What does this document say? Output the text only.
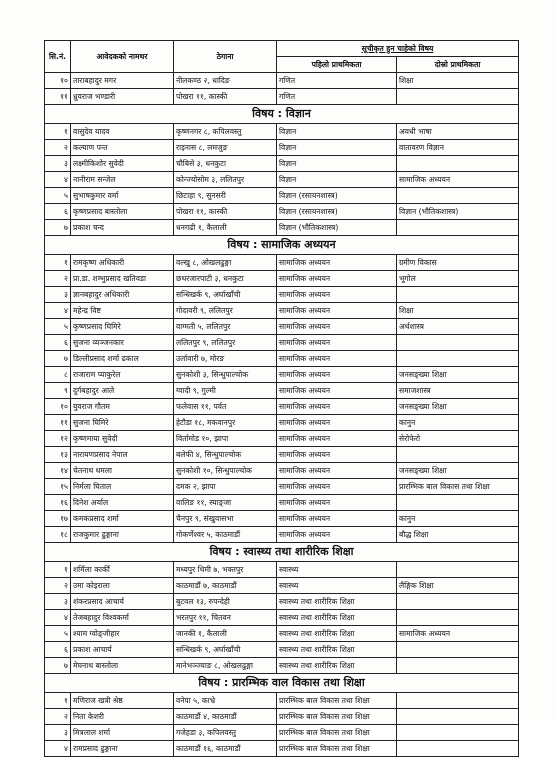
सि.नं.	आवेदकको नामथर	ठेगाना	सूचीकृत हुन चाहेको विषय	
			पहिलो प्राथमिकता	दोस्रो प्राथमिकता
१०	ताराबहादुर मगर	नीलकण्ठ २, धादिङ	गणित	शिक्षा
११	ध्रुवराज भण्डारी	पोखरा ११, कास्की	गणित	
विषय : विज्ञान				
१	वासुदेव यादव	कृष्णनगर ८, कपिलवस्तु	विज्ञान	अवधी भाषा
२	कल्याण पन्त	राइनास ८, लमजुङ	विज्ञान	वातावरण विज्ञान
३	लक्ष्मीकिशोर सुवेदी	चौबिसे ३, धनकुटा	विज्ञान	
४	नानीराम सन्जेल	कोन्ज्योसोम ३, ललितपुर	विज्ञान	सामाजिक अध्ययन
५	सुभाषकुमार वर्मा	छिटाहा ९, सुनसरी	विज्ञान (रसायनशास्त्र)	
६	कृष्णप्रसाद बास्तोला	पोखरा ११, कास्की	विज्ञान (रसायनशास्त्र)	विज्ञान (भौतिकशास्त्र)
७	प्रकाश चन्द	धनगढी १, कैलाली	विज्ञान (भौतिकशास्त्र)	
विषय : सामाजिक अध्ययन				
१	रामकृष्ण अधिकारी	वल्खु ८, ओखलढुङ्गा	सामाजिक अध्ययन	ग्रमीण विकास
२	प्रा.डा. शम्भुप्रसाद खतिवडा	छथरजारपाटी ३, धनकुटा	सामाजिक अध्ययन	भूगोल
३	ज्ञानबहादुर अधिकारी	सन्धिखर्क ९, अर्घाखाँची	सामाजिक अध्ययन	
४	महेन्द्र विष्ट	गोदावरी ९, ललितपुर	सामाजिक अध्ययन	शिक्षा
५	कृष्णप्रसाद घिमिरे	वाग्मती ५, ललितपुर	सामाजिक अध्ययन	अर्थशास्त्र
६	सुजना व्यञ्जनकार	ललितपुर ९, ललितपुर	सामाजिक अध्ययन	
७	डिल्लीप्रसाद शर्मा ढकाल	उर्लावारी ७, मोरङ	सामाजिक अध्ययन	
८	राजाराम प्याकुरेल	सुनकोशी ३, सिन्धुपाल्चोक	सामाजिक अध्ययन	जनसङ्ख्या शिक्षा
९	दुर्गबहादुर आले	ग्वादी ९, गुल्मी	सामाजिक अध्ययन	समाजशास्त्र
१०	युवराज गौतम	फलेवास ११, पर्वत	सामाजिक अध्ययन	जनसङ्ख्या शिक्षा
११	सुजना घिमिरे	हेटौडा १८, मकवानपुर	सामाजिक अध्ययन	कानुन
१२	कृष्णमाया सुवेदी	विर्तामोड १०, झापा	सामाजिक अध्ययन	सेरोफेरो
१३	नारायणप्रसाद नेपाल	बलेफी ४, सिन्धुपाल्चोक	सामाजिक अध्ययन	
१४	चेतनाथ धमला	सुनकोशी १०, सिन्धुपाल्चोक	सामाजिक अध्ययन	जनसङ्ख्या शिक्षा
१५	निर्मला घिताल	दमक २, झापा	सामाजिक अध्ययन	प्रारम्भिक बाल विकास तथा शिक्षा
१६	दिनेश अर्याल	वालिङ ११, स्याङ्जा	सामाजिक अध्ययन	
१७	कमकप्रसाद शर्मा	चैनपुर ९, संखुवासभा	सामाजिक अध्ययन	कानुन
१८	राजकुमार ढुङ्गाना	गोकर्णेश्वर ५, काठमाडौं	सामाजिक अध्ययन	बौद्ध शिक्षा
विषय : स्वास्थ्य तथा शारीरिक शिक्षा				
१	शर्मिला कार्की	मध्यपुर थिमी ७, भक्तपुर	स्वास्थ्य	
२	उमा कोइराला	काठमाडौं ७, काठमाडौं	स्वास्थ्य	लैङ्गिक शिक्षा
३	शंकरप्रसाद आचार्य	बुटवल १३, रुपन्देही	स्वास्थ्य तथा शारीरिक शिक्षा	
४	तेजबहादुर विश्वकर्मा	भरतपुर ११, चितवन	स्वास्थ्य तथा शारीरिक शिक्षा	
५	श्याम ग्वोङ्जीहार	जानकी १, कैलाली	स्वास्थ्य तथा शारीरिक शिक्षा	सामाजिक अध्ययन
६	प्रकाश आचार्य	सन्धिखर्क ९, अर्घाखाँची	स्वास्थ्य तथा शारीरिक शिक्षा	
७	मेघनाथ बास्तोला	मानेभञ्ज्याङ ८, ओखलढुङ्गा	स्वास्थ्य तथा शारीरिक शिक्षा	
विषय : प्रारम्भिक वाल विकास तथा शिक्षा				
१	मणिराज खत्री श्रेष्ठ	वनेपा ५, काभ्रे	प्रारम्भिक बाल विकास तथा शिक्षा	
२	निता केशरी	काठमाडौं ४, काठमाडौं	प्रारम्भिक बाल विकास तथा शिक्षा	
३	मित्रलाल शर्मा	गजेहडा ३, कपिलवस्तु	प्रारम्भिक बाल विकास तथा शिक्षा	
४	रामप्रसाद ढुङ्गाना	काठमाडौं १६, काठमाडौं	प्रारम्भिक बाल विकास तथा शिक्षा	
